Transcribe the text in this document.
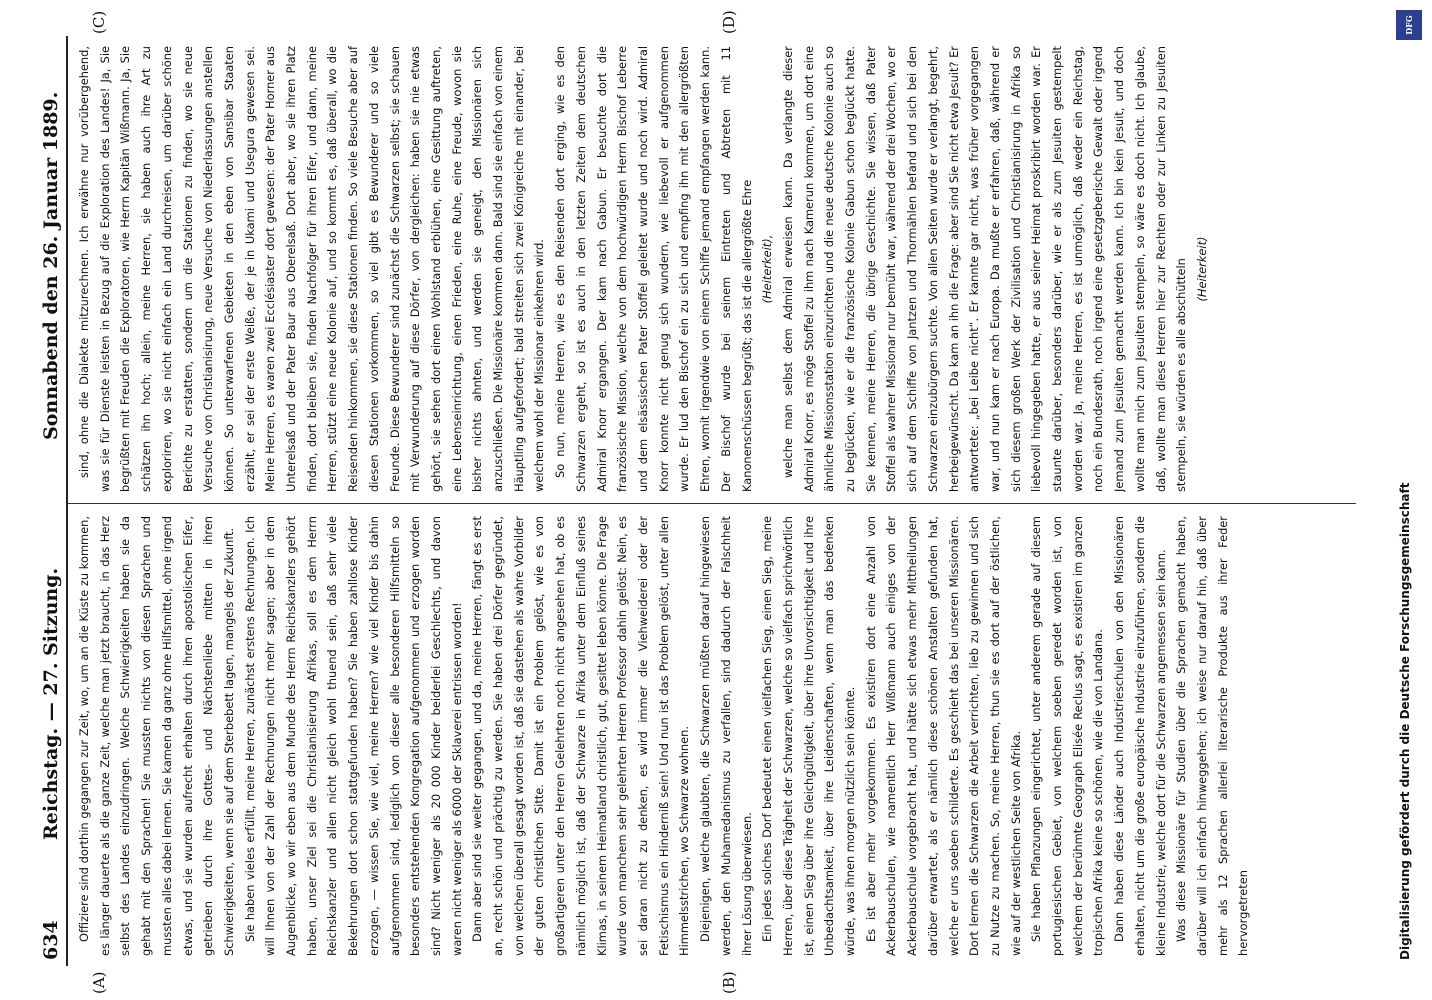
634
Reichstag. — 27. Sitzung.
Sonnabend den 26. Januar 1889.
(A)	(B)
(C)	(D)

Offiziere sind dorthin gegangen zur Zeit, wo, um an die Küste zu kommen, es länger dauerte als die ganze Zeit, welche man jetzt braucht, in das Herz selbst des Landes einzudringen. Welche Schwierigkeiten haben sie da gehabt mit den Sprachen! Sie mussten nichts von diesen Sprachen und mussten alles dabei lernen. Sie kamen da ganz ohne Hilfsmittel, ohne irgend etwas, und sie wurden aufrecht erhalten durch ihren apostolischen Eifer, getrieben durch ihre Gottes- und Nächstenliebe mitten in ihren Schwierigkeiten, wenn sie auf dem Sterbebett lagen, mangels der Zukunft. Sie haben vieles erfüllt, meine Herren, zunächst erstens Rechnungen. Ich will Ihnen von der Zahl der Rechnungen nicht mehr sagen; aber in dem Augenblicke, wo wir eben aus dem Munde des Herrn Reichskanzlers gehört haben, unser Ziel sei die Christianisierung Afrikas, soll es dem Herrn Reichskanzler und allen nicht gleich wohl thuend sein, daß sehr viele Bekehrungen dort schon stattgefunden haben? Sie haben zahllose Kinder erzogen, — wissen Sie, wie viel, meine Herren? wie viel Kinder bis dahin aufgenommen sind, lediglich von dieser alle besonderen Hilfsmitteln so besonders entstehenden Kongregation aufgenommen und erzogen worden sind? Nicht weniger als 20 000 Kinder beiderlei Geschlechts, und davon waren nicht weniger als 6000 der Sklaverei entrissen worden! Dann aber sind sie weiter gegangen, und da, meine Herren, fängt es erst an, recht schön und prächtig zu werden. Sie haben drei Dörfer gegründet, von welchen überall gesagt worden ist, daß sie dastehen als wahre Vorbilder der guten christlichen Sitte. Damit ist ein Problem gelöst, wie es von großartigeren unter den Herren Gelehrten noch nicht angesehen hat, ob es nämlich möglich ist, daß der Schwarze in Afrika unter dem Einfluß seines Klimas, in seinem Heimatland christlich, gut, gesittet leben könne. Die Frage wurde von manchem sehr gelehrten Herren Professor dahin gelöst: Nein, es sei daran nicht zu denken, es wird immer die Viehweiderei oder der Fetischismus ein Hinderniß sein! Und nun ist das Problem gelöst, unter allen Himmelsstrichen, wo Schwarze wohnen. Diejenigen, welche glaubten, die Schwarzen müßten darauf hingewiesen werden, den Muhamedanismus zu verfallen, sind dadurch der Falschheit ihrer Lösung überwiesen. Ein jedes solches Dorf bedeutet einen vielfachen Sieg, einen Sieg, meine Herren, über diese Trägheit der Schwarzen, welche so vielfach sprichwörtlich ist, einen Sieg über ihre Gleichgültigkeit, über ihre Unvorsichtigkeit und ihre Unbedachtsamkeit, über ihre Leidenschaften, wenn man das bedenken würde, was ihnen morgen nützlich sein könnte. Es ist aber mehr vorgekommen. Es existiren dort eine Anzahl von Ackerbauschulen, wie namentlich Herr Wißmann auch einiges von der Ackerbauschule vorgebracht hat, und hätte sich etwas mehr Mittheilungen darüber erwartet, als er nämlich diese schönen Anstalten gefunden hat, welche er uns soeben schilderte. Es geschieht das bei unseren Missionären. Dort lernen die Schwarzen die Arbeit verrichten, lieb zu gewinnen und sich zu Nutze zu machen. So, meine Herren, thun sie es dort auf der östlichen, wie auf der westlichen Seite von Afrika. Sie haben Pflanzungen eingerichtet, unter anderem gerade auf diesem portugiesischen Gebiet, von welchem soeben geredet worden ist, von welchem der berühmte Geograph Elisée Reclus sagt, es existiren im ganzen tropischen Afrika keine so schönen, wie die von Landana. Dann haben diese Länder auch Industrieschulen von den Missionären erhalten, nicht um die große europäische Industrie einzuführen, sondern die kleine Industrie, welche dort für die Schwarzen angemessen sein kann. Was diese Missionäre für Studien über die Sprachen gemacht haben, darüber will ich einfach hinweggehen; ich weise nur darauf hin, daß über mehr als 12 Sprachen allerlei literarische Produkte aus ihrer Feder hervorgetreten

sind, ohne die Dialekte mitzurechnen. Ich erwähne nur vorübergehend, was sie für Dienste leisten in Bezug auf die Exploration des Landes! Ja, Sie begrüßten mit Freuden die Exploratoren, wie Herrn Kapitän Wißmann. Ja, Sie schätzen ihn hoch; allein, meine Herren, sie haben auch ihre Art zu exploriren, wo sie nicht einfach ein Land durchreisen, um darüber schöne Berichte zu erstatten, sondern um die Stationen zu finden, wo sie neue Versuche von Christianisirung, neue Versuche von Niederlassungen anstellen können. So unterwarfenen Gebieten in den eben von Sansibar Staaten erzählt, er sei der erste Weiße, der je in Ukami und Usegura gewesen sei. Meine Herren, es waren zwei Ecclésiaster dort gewesen: der Pater Horner aus Unterelsaß und der Pater Baur aus Oberelsaß. Dort aber, wo sie ihren Platz finden, dort bleiben sie, finden Nachfolger für ihren Eifer, und dann, meine Herren, stützt eine neue Kolonie auf, und so kommt es, daß überall, wo die Reisenden hinkommen, sie diese Stationen finden. So viele Besuche aber auf diesen Stationen vorkommen, so viel gibt es Bewunderer und so viele Freunde. Diese Bewunderer sind zunächst die Schwarzen selbst; sie schauen mit Verwunderung auf diese Dörfer, von dergleichen: haben sie nie etwas gehört, sie sehen dort einen Wohlstand erblühen, eine Gesittung auftreten, eine Lebenseinrichtung, einen Frieden, eine Ruhe, eine Freude, wovon sie bisher nichts ahnten, und werden sie geneigt, den Missionären sich anzuschließen. Die Missionäre kommen dann. Bald sind sie einfach von einem Häuptling aufgefordert; bald streiten sich zwei Königreiche mit einander, bei welchem wohl der Missionar einkehren wird. So nun, meine Herren, wie es den Reisenden dort erging, wie es den Schwarzen ergeht, so ist es auch in den letzten Zeiten dem deutschen Admiral Knorr ergangen. Der kam nach Gabun. Er besuchte dort die französische Mission, welche von dem hochwürdigen Herrn Bischof Leberre und dem elsässischen Pater Stoffel geleitet wurde und noch wird. Admiral Knorr konnte nicht genug sich wundern, wie liebevoll er aufgenommen wurde. Er lud den Bischof ein zu sich und empfing ihn mit den allergrößten Ehren, womit irgendwie von einem Schiffe jemand empfangen werden kann. Der Bischof wurde bei seinem Eintreten und Abtreten mit 11 Kanonenschüssen begrüßt; das ist die allergrößte Ehre (Heiterkeit), welche man selbst dem Admiral erweisen kann. Da verlangte dieser Admiral Knorr, es möge Stoffel zu ihm nach Kamerun kommen, um dort eine ähnliche Missionsstation einzurichten und die neue deutsche Kolonie auch so zu beglücken, wie er die französische Kolonie Gabun schon beglückt hatte. Sie kennen, meine Herren, die übrige Geschichte. Sie wissen, daß Pater Stoffel als wahrer Missionar nur bemüht war, während der drei Wochen, wo er sich auf dem Schiffe von Jantzen und Thormählen befand und sich bei den Schwarzen einzubürgern suchte. Von allen Seiten wurde er verlangt, begehrt, herbeigewünscht. Da kam an ihn die Frage: aber sind Sie nicht etwa Jesuit? Er antwortete: „bei Leibe nicht“. Er kannte gar nicht, was früher vorgegangen war, und nun kam er nach Europa. Da mußte er erfahren, daß, während er sich diesem großen Werk der Zivilisation und Christianisirung in Afrika so liebevoll hingegeben hatte, er aus seiner Heimat proskribirt worden war. Er staunte darüber, besonders darüber, wie er als zum Jesuiten gestempelt worden war. Ja, meine Herren, es ist unmöglich, daß weder ein Reichstag, noch ein Bundesrath, noch irgend eine gesetzgeberische Gewalt oder irgend Jemand zum Jesuiten gemacht werden kann. Ich bin kein Jesuit, und doch wollte man mich zum Jesuiten stempeln, so wäre es doch nicht. Ich glaube, daß, wollte man diese Herren hier zur Rechten oder zur Linken zu Jesuiten stempeln, sie würden es alle abschütteln (Heiterkeit)

Digitalisierung gefördert durch die Deutsche Forschungsgemeinschaft
DFG
